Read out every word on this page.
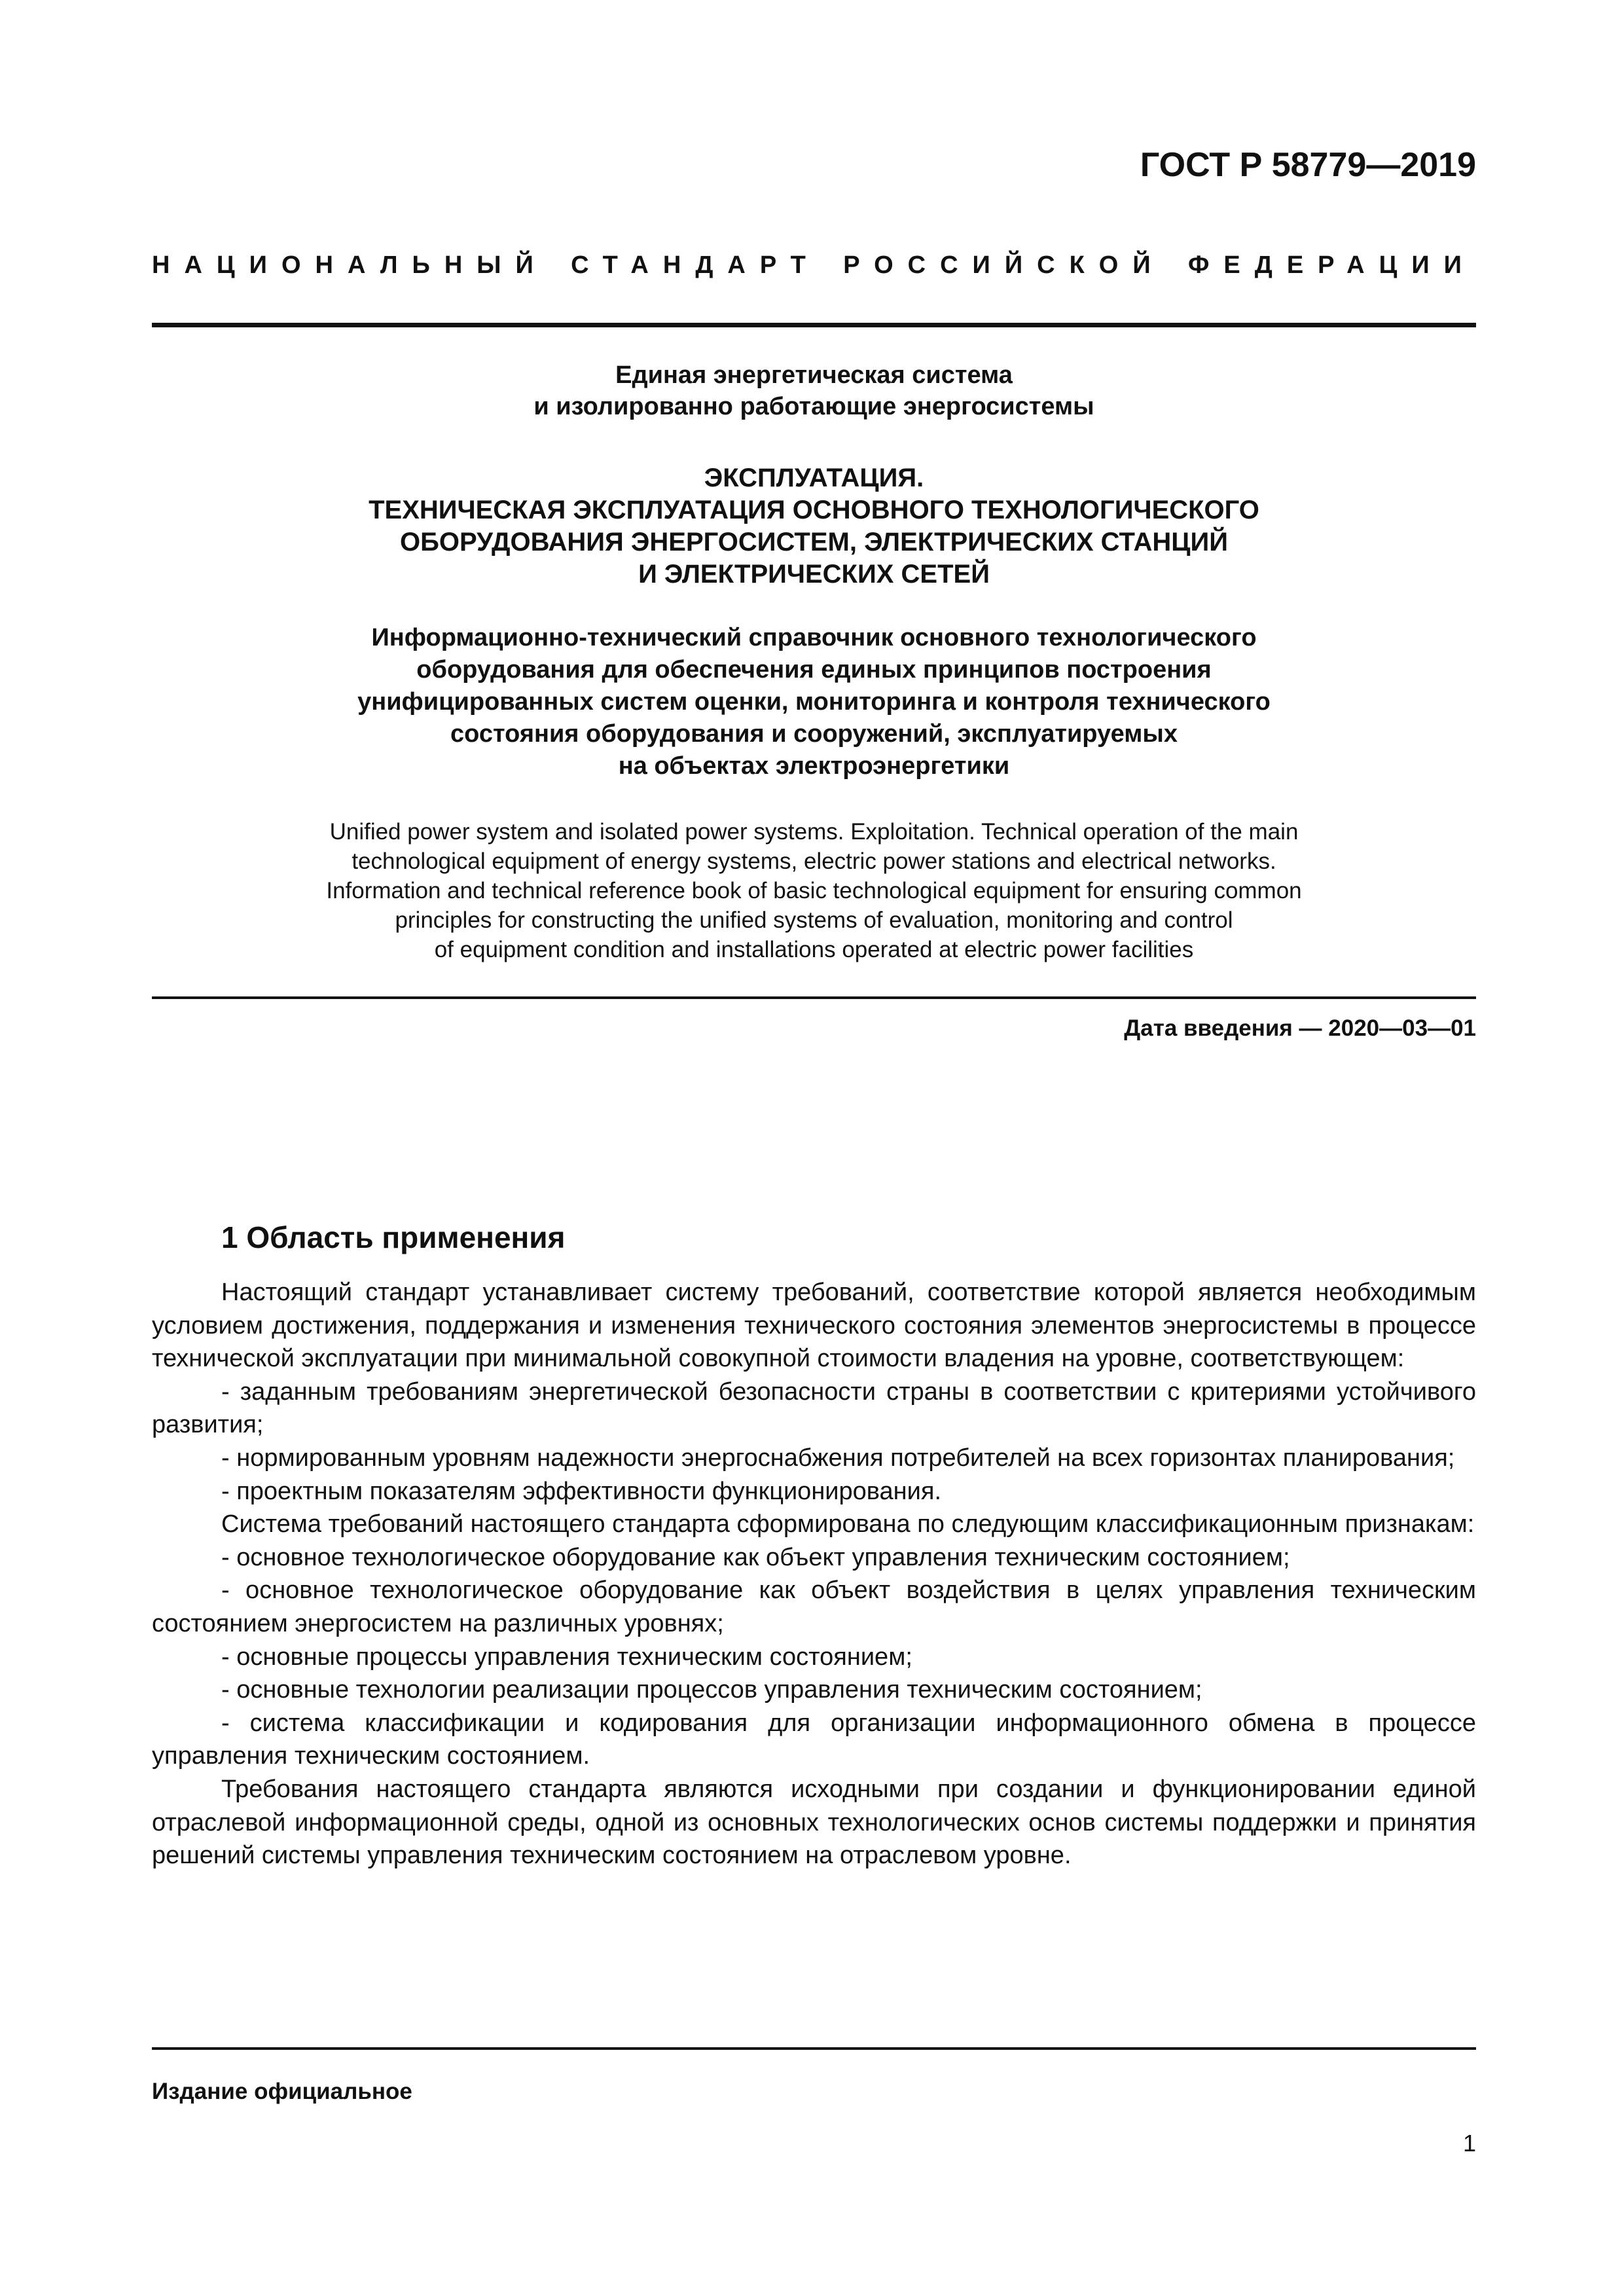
ГОСТ Р 58779—2019
НАЦИОНАЛЬНЫЙ СТАНДАРТ РОССИЙСКОЙ ФЕДЕРАЦИИ
Единая энергетическая система
и изолированно работающие энергосистемы
ЭКСПЛУАТАЦИЯ.
ТЕХНИЧЕСКАЯ ЭКСПЛУАТАЦИЯ ОСНОВНОГО ТЕХНОЛОГИЧЕСКОГО
ОБОРУДОВАНИЯ ЭНЕРГОСИСТЕМ, ЭЛЕКТРИЧЕСКИХ СТАНЦИЙ
И ЭЛЕКТРИЧЕСКИХ СЕТЕЙ
Информационно-технический справочник основного технологического
оборудования для обеспечения единых принципов построения
унифицированных систем оценки, мониторинга и контроля технического
состояния оборудования и сооружений, эксплуатируемых
на объектах электроэнергетики
Unified power system and isolated power systems. Exploitation. Technical operation of the main
technological equipment of energy systems, electric power stations and electrical networks.
Information and technical reference book of basic technological equipment for ensuring common
principles for constructing the unified systems of evaluation, monitoring and control
of equipment condition and installations operated at electric power facilities
Дата введения — 2020—03—01
1 Область применения

Настоящий стандарт устанавливает систему требований, соответствие которой является необходимым условием достижения, поддержания и изменения технического состояния элементов энергосистемы в процессе технической эксплуатации при минимальной совокупной стоимости владения на уровне, соответствующем:

- заданным требованиям энергетической безопасности страны в соответствии с критериями устойчивого развития;

- нормированным уровням надежности энергоснабжения потребителей на всех горизонтах планирования;

- проектным показателям эффективности функционирования.

Система требований настоящего стандарта сформирована по следующим классификационным признакам:

- основное технологическое оборудование как объект управления техническим состоянием;

- основное технологическое оборудование как объект воздействия в целях управления техническим состоянием энергосистем на различных уровнях;

- основные процессы управления техническим состоянием;

- основные технологии реализации процессов управления техническим состоянием;

- система классификации и кодирования для организации информационного обмена в процессе управления техническим состоянием.

Требования настоящего стандарта являются исходными при создании и функционировании единой отраслевой информационной среды, одной из основных технологических основ системы поддержки и принятия решений системы управления техническим состоянием на отраслевом уровне.

Издание официальное
1
